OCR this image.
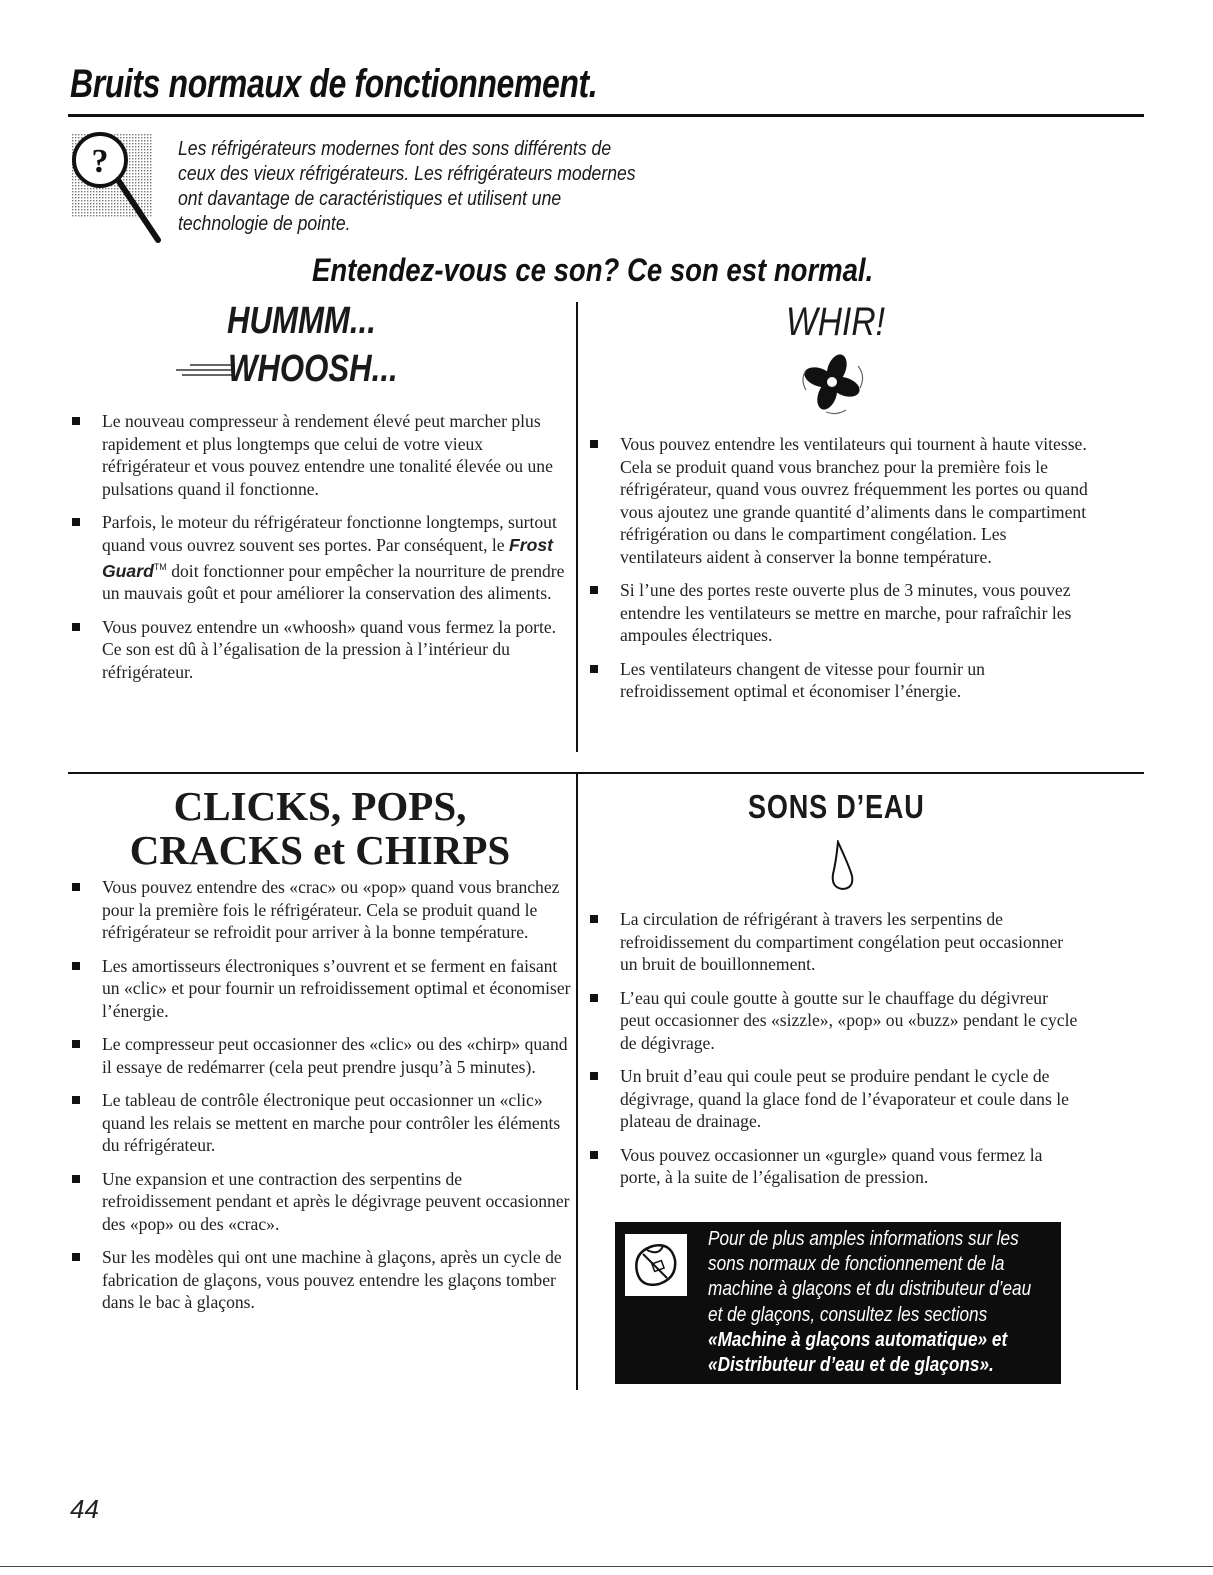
Bruits normaux de fonctionnement.
?	Les réfrigérateurs modernes font des sons différents de
ceux des vieux réfrigérateurs. Les réfrigérateurs modernes
ont davantage de caractéristiques et utilisent une
technologie de pointe.
Entendez-vous ce son? Ce son est normal.
HUMMM...
WHOOSH...
Le nouveau compresseur à rendement élevé peut marcher plus rapidement et plus longtemps que celui de votre vieux réfrigérateur et vous pouvez entendre une tonalité élevée ou une pulsations quand il fonctionne.
Parfois, le moteur du réfrigérateur fonctionne longtemps, surtout quand vous ouvrez souvent ses portes. Par conséquent, le Frost Guard™ doit fonctionner pour empêcher la nourriture de prendre un mauvais goût et pour améliorer la conservation des aliments.
Vous pouvez entendre un «whoosh» quand vous fermez la porte. Ce son est dû à l’égalisation de la pression à l’intérieur du réfrigérateur.
WHIR!
Vous pouvez entendre les ventilateurs qui tournent à haute vitesse. Cela se produit quand vous branchez pour la première fois le réfrigérateur, quand vous ouvrez fréquemment les portes ou quand vous ajoutez une grande quantité d’aliments dans le compartiment réfrigération ou dans le compartiment congélation. Les ventilateurs aident à conserver la bonne température.
Si l’une des portes reste ouverte plus de 3 minutes, vous pouvez entendre les ventilateurs se mettre en marche, pour rafraîchir les ampoules électriques.
Les ventilateurs changent de vitesse pour fournir un refroidissement optimal et économiser l’énergie.
CLICKS, POPS,
CRACKS et CHIRPS
Vous pouvez entendre des «crac» ou «pop» quand vous branchez pour la première fois le réfrigérateur. Cela se produit quand le réfrigérateur se refroidit pour arriver à la bonne température.
Les amortisseurs électroniques s’ouvrent et se ferment en faisant un «clic» et pour fournir un refroidissement optimal et économiser l’énergie.
Le compresseur peut occasionner des «clic» ou des «chirp» quand il essaye de redémarrer (cela peut prendre jusqu’à 5 minutes).
Le tableau de contrôle électronique peut occasionner un «clic» quand les relais se mettent en marche pour contrôler les éléments du réfrigérateur.
Une expansion et une contraction des serpentins de refroidissement pendant et après le dégivrage peuvent occasionner des «pop» ou des «crac».
Sur les modèles qui ont une machine à glaçons, après un cycle de fabrication de glaçons, vous pouvez entendre les glaçons tomber dans le bac à glaçons.
SONS D’EAU
La circulation de réfrigérant à travers les serpentins de refroidissement du compartiment congélation peut occasionner un bruit de bouillonnement.
L’eau qui coule goutte à goutte sur le chauffage du dégivreur peut occasionner des «sizzle», «pop» ou «buzz» pendant le cycle de dégivrage.
Un bruit d’eau qui coule peut se produire pendant le cycle de dégivrage, quand la glace fond de l’évaporateur et coule dans le plateau de drainage.
Vous pouvez occasionner un «gurgle» quand vous fermez la porte, à la suite de l’égalisation de pression.
Pour de plus amples informations sur les
sons normaux de fonctionnement de la
machine à glaçons et du distributeur d’eau
et de glaçons, consultez les sections
«Machine à glaçons automatique» et
«Distributeur d’eau et de glaçons».
44
